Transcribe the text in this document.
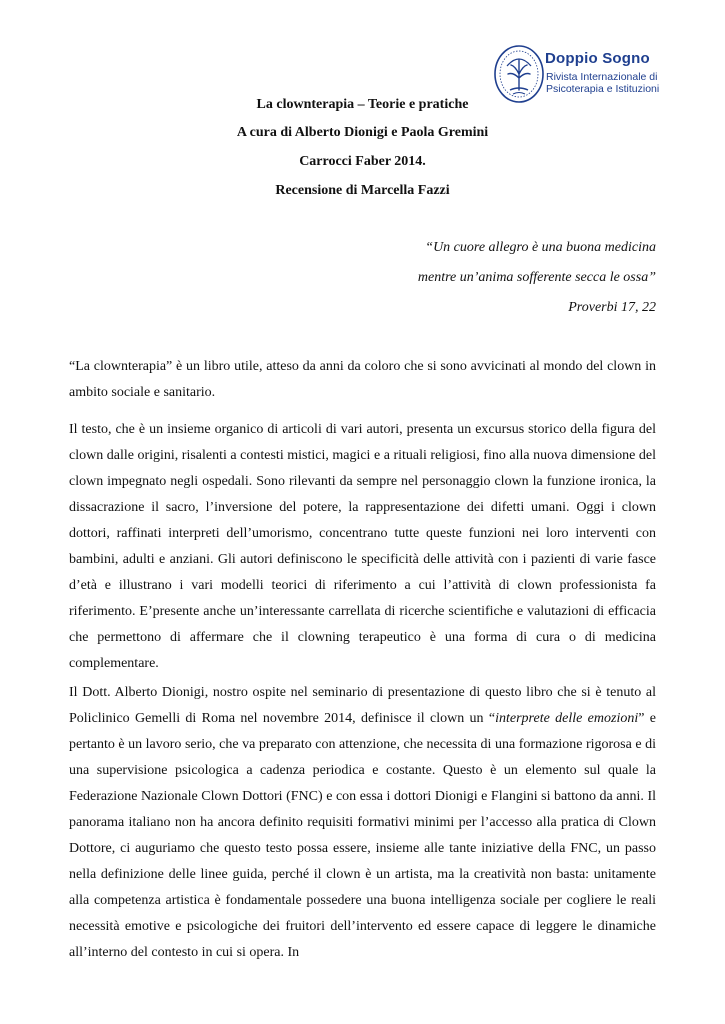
Doppio Sogno
Rivista Internazionale di
Psicoterapia e Istituzioni
La clownterapia – Teorie e pratiche
A cura di Alberto Dionigi e Paola Gremini
Carrocci Faber 2014.
Recensione di Marcella Fazzi
“Un cuore allegro è una buona medicina
mentre un’anima sofferente secca le ossa”
Proverbi 17, 22
“La clownterapia” è un libro utile, atteso da anni da coloro che si sono avvicinati al mondo del clown in ambito sociale e sanitario.
Il testo, che è un insieme organico di articoli di vari autori, presenta un excursus storico della figura del clown dalle origini, risalenti a contesti mistici, magici e a rituali religiosi, fino alla nuova dimensione del clown impegnato negli ospedali. Sono rilevanti da sempre nel personaggio clown la funzione ironica, la dissacrazione il sacro, l’inversione del potere, la rappresentazione dei difetti umani. Oggi i clown dottori, raffinati interpreti dell’umorismo, concentrano tutte queste funzioni nei loro interventi con bambini, adulti e anziani. Gli autori definiscono le specificità delle attività con i pazienti di varie fasce d’età e illustrano i vari modelli teorici di riferimento a cui l’attività di clown professionista fa riferimento. E’presente anche un’interessante carrellata di ricerche scientifiche e valutazioni di efficacia che permettono di affermare che il clowning terapeutico è una forma di cura o di medicina complementare.
Il Dott. Alberto Dionigi, nostro ospite nel seminario di presentazione di questo libro che si è tenuto al Policlinico Gemelli di Roma nel novembre 2014, definisce il clown un “interprete delle emozioni” e pertanto è un lavoro serio, che va preparato con attenzione, che necessita di una formazione rigorosa e di una supervisione psicologica a cadenza periodica e costante. Questo è un elemento sul quale la Federazione Nazionale Clown Dottori (FNC) e con essa i dottori Dionigi e Flangini si battono da anni. Il panorama italiano non ha ancora definito requisiti formativi minimi per l’accesso alla pratica di Clown Dottore, ci auguriamo che questo testo possa essere, insieme alle tante iniziative della FNC, un passo nella definizione delle linee guida, perché il clown è un artista, ma la creatività non basta: unitamente alla competenza artistica è fondamentale possedere una buona intelligenza sociale per cogliere le reali necessità emotive e psicologiche dei fruitori dell’intervento ed essere capace di leggere le dinamiche all’interno del contesto in cui si opera. In
